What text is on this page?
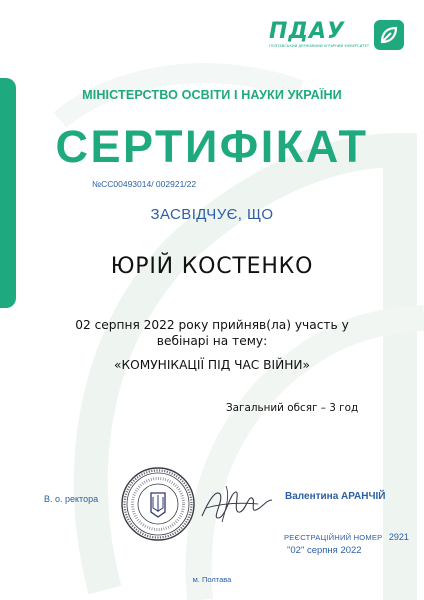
ПДАУ
ПОЛТАВСЬКИЙ ДЕРЖАВНИЙ АГРАРНИЙ УНІВЕРСИТЕТ
МІНІСТЕРСТВО ОСВІТИ І НАУКИ УКРАЇНИ
СЕРТИФІКАТ
№СС00493014/ 002921/22
ЗАСВІДЧУЄ, ЩО
ЮРІЙ КОСТЕНКО
02 серпня 2022 року прийняв(ла) участь у
вебінарі на тему:
«КОМУНІКАЦІЇ ПІД ЧАС ВІЙНИ»
Загальний обсяг – 3 год
В. о. ректора	Валентина АРАНЧІЙ
РЕЄСТРАЦІЙНИЙ НОМЕР 2921
"02" серпня 2022
м. Полтава
